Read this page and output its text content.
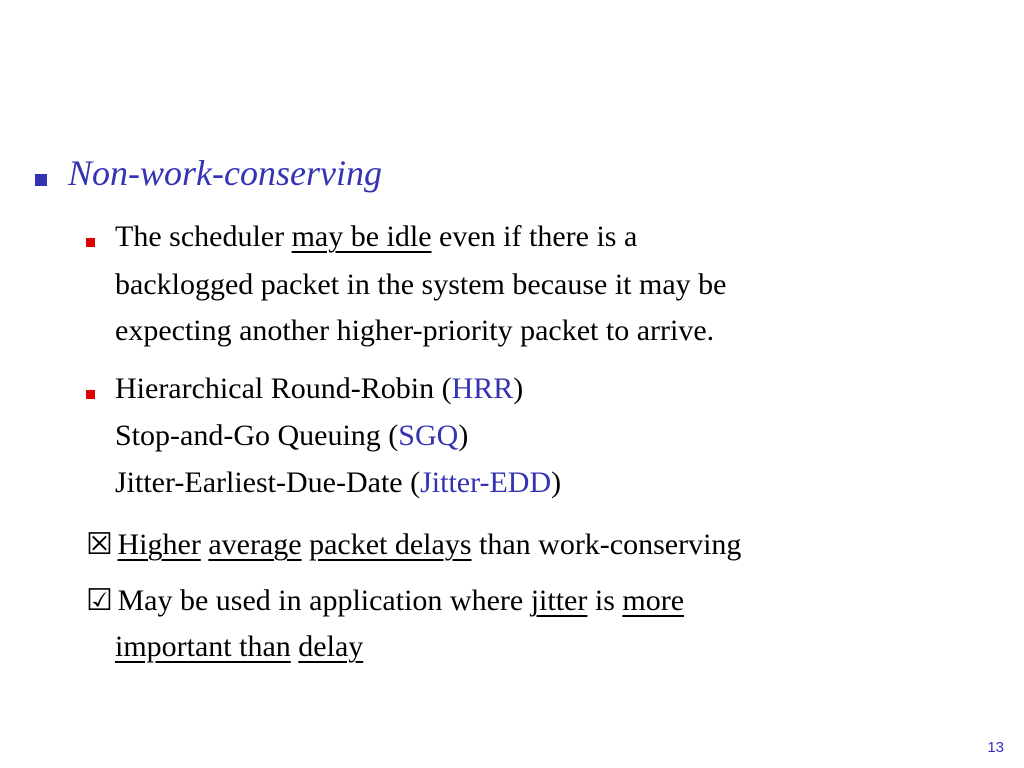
Non-work-conserving
The scheduler may be idle even if there is a
backlogged packet in the system because it may be
expecting another higher-priority packet to arrive.
Hierarchical Round-Robin (HRR)
Stop-and-Go Queuing (SGQ)
Jitter-Earliest-Due-Date (Jitter-EDD)
☒ Higher average packet delays than work-conserving
☑ May be used in application where jitter is more
important than delay
13
